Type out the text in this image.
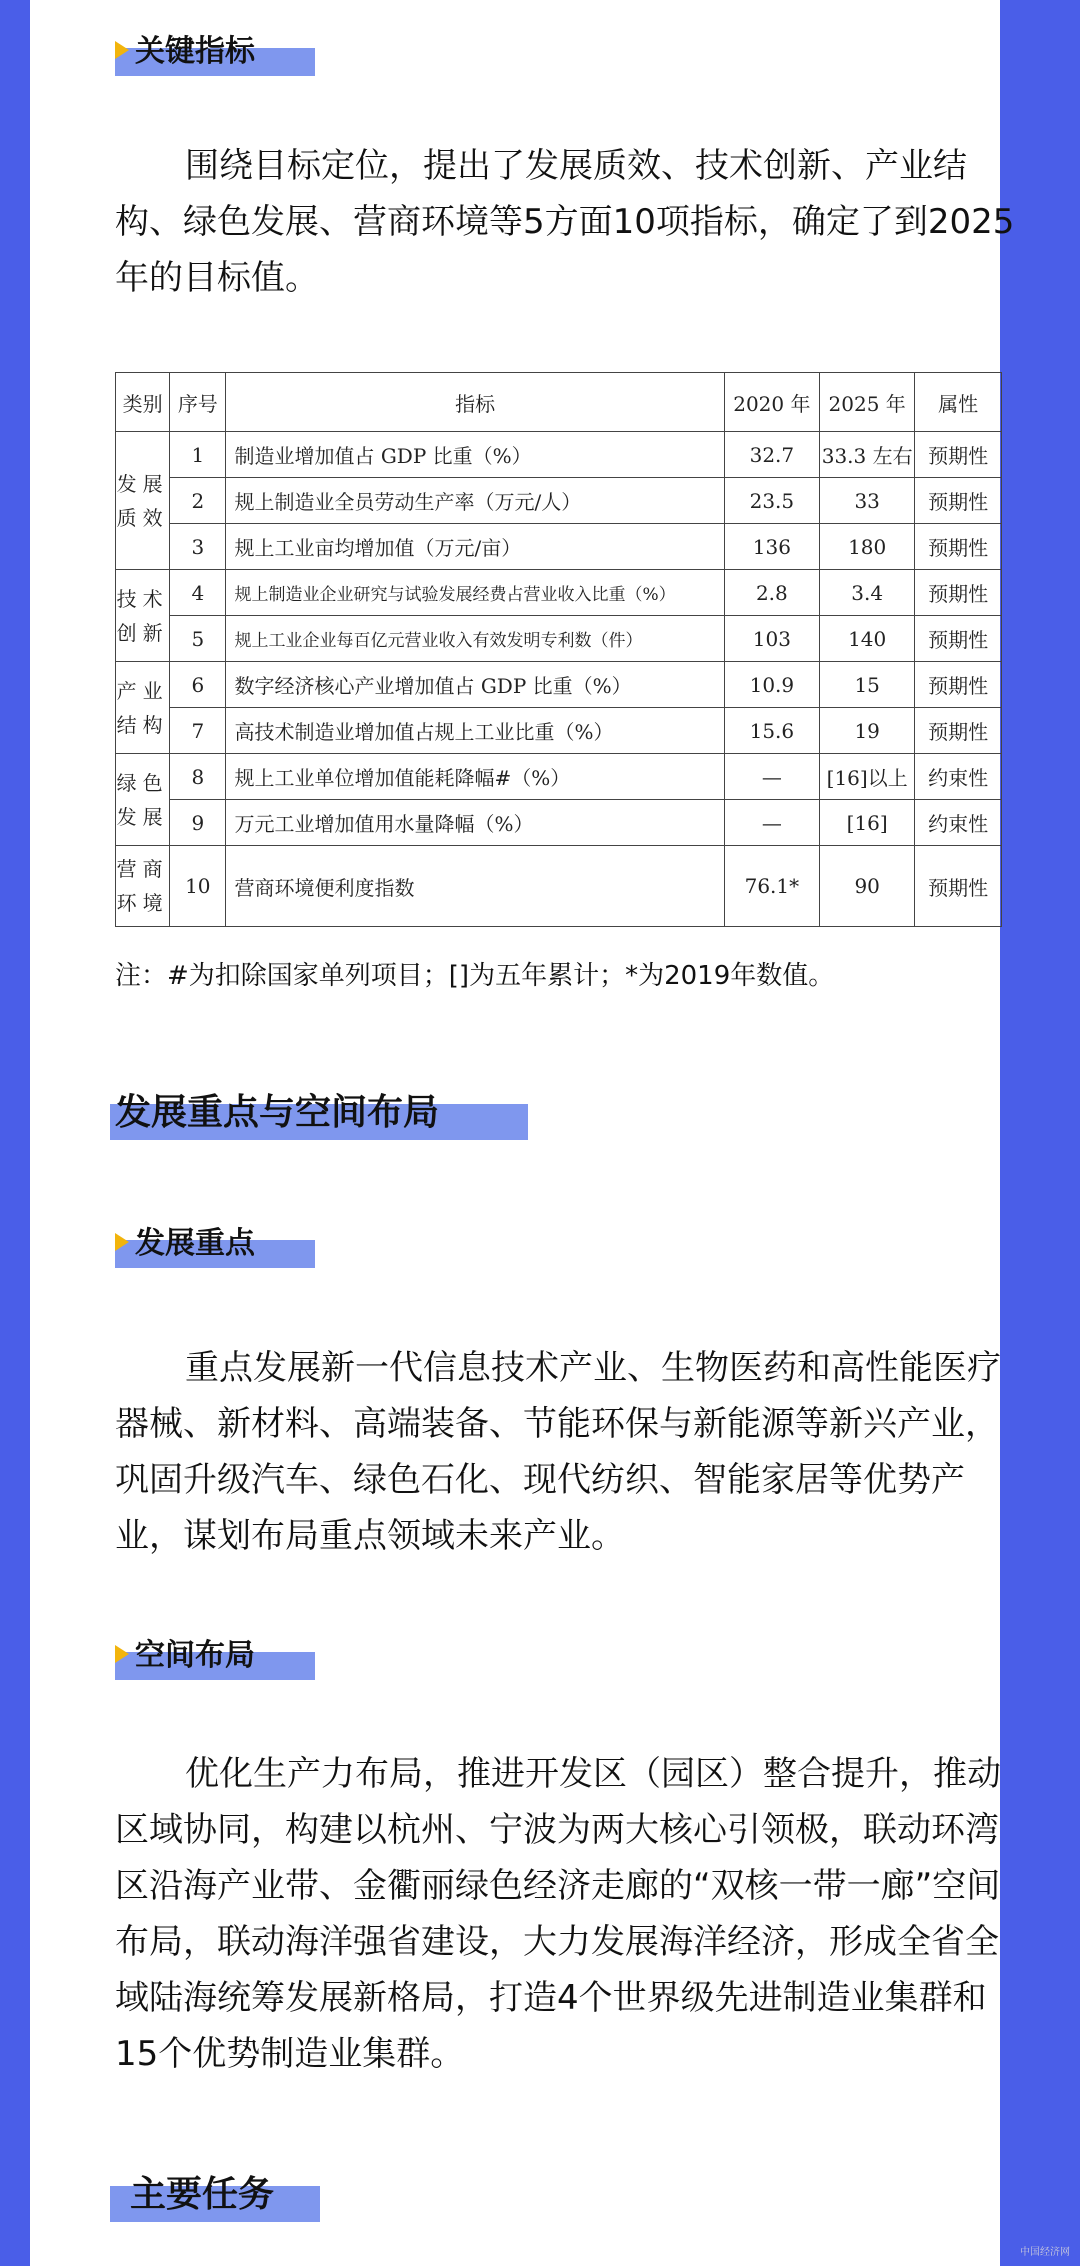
关键指标
围绕目标定位，提出了发展质效、技术创新、产业结构、绿色发展、营商环境等5方面10项指标，确定了到2025年的目标值。
类别	序号	指标	2020 年	2025 年	属性
发展质效	1	制造业增加值占 GDP 比重（%）	32.7	33.3 左右	预期性
	2	规上制造业全员劳动生产率（万元/人）	23.5	33	预期性
	3	规上工业亩均增加值（万元/亩）	136	180	预期性
技术创新	4	规上制造业企业研究与试验发展经费占营业收入比重（%）	2.8	3.4	预期性
	5	规上工业企业每百亿元营业收入有效发明专利数（件）	103	140	预期性
产业结构	6	数字经济核心产业增加值占 GDP 比重（%）	10.9	15	预期性
	7	高技术制造业增加值占规上工业比重（%）	15.6	19	预期性
绿色发展	8	规上工业单位增加值能耗降幅#（%）	—	[16]以上	约束性
	9	万元工业增加值用水量降幅（%）	—	[16]	约束性
营商环境	10	营商环境便利度指数	76.1*	90	预期性
注：#为扣除国家单列项目；[]为五年累计；*为2019年数值。
发展重点与空间布局
发展重点
重点发展新一代信息技术产业、生物医药和高性能医疗器械、新材料、高端装备、节能环保与新能源等新兴产业，巩固升级汽车、绿色石化、现代纺织、智能家居等优势产业，谋划布局重点领域未来产业。
空间布局
优化生产力布局，推进开发区（园区）整合提升，推动区域协同，构建以杭州、宁波为两大核心引领极，联动环湾区沿海产业带、金衢丽绿色经济走廊的“双核一带一廊”空间布局，联动海洋强省建设，大力发展海洋经济，形成全省全域陆海统筹发展新格局，打造4个世界级先进制造业集群和15个优势制造业集群。
主要任务
中国经济网
